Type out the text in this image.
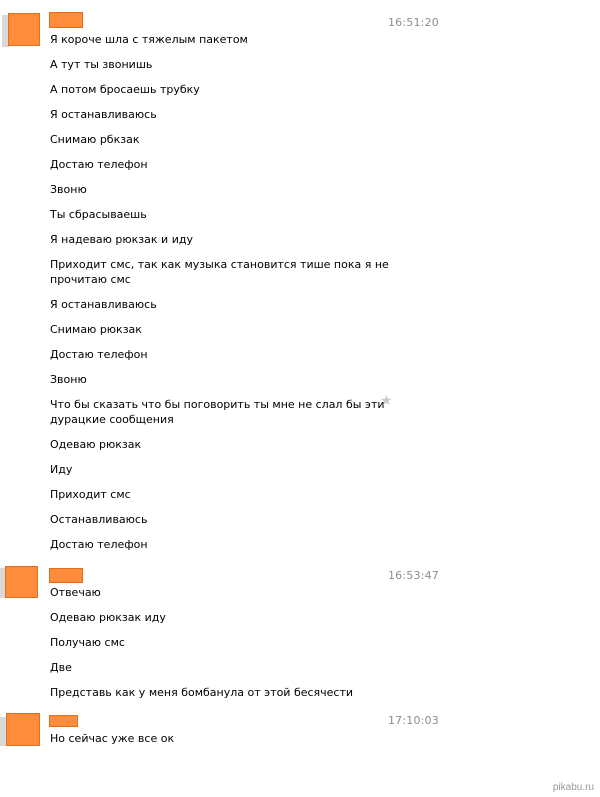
16:51:20
Я короче шла с тяжелым пакетом
А тут ты звонишь
А потом бросаешь трубку
Я останавливаюсь
Снимаю рбкзак
Достаю телефон
Звоню
Ты сбрасываешь
Я надеваю рюкзак и иду
Приходит смс, так как музыка становится тише пока я не прочитаю смс
Я останавливаюсь
Снимаю рюкзак
Достаю телефон
Звоню
Что бы сказать что бы поговорить ты мне не слал бы эти дурацкие сообщения
Одеваю рюкзак
Иду
Приходит смс
Останавливаюсь
Достаю телефон
★
16:53:47
Отвечаю
Одеваю рюкзак иду
Получаю смс
Две
Представь как у меня бомбанула от этой бесячести
17:10:03
Но сейчас уже все ок
pikabu.ru
